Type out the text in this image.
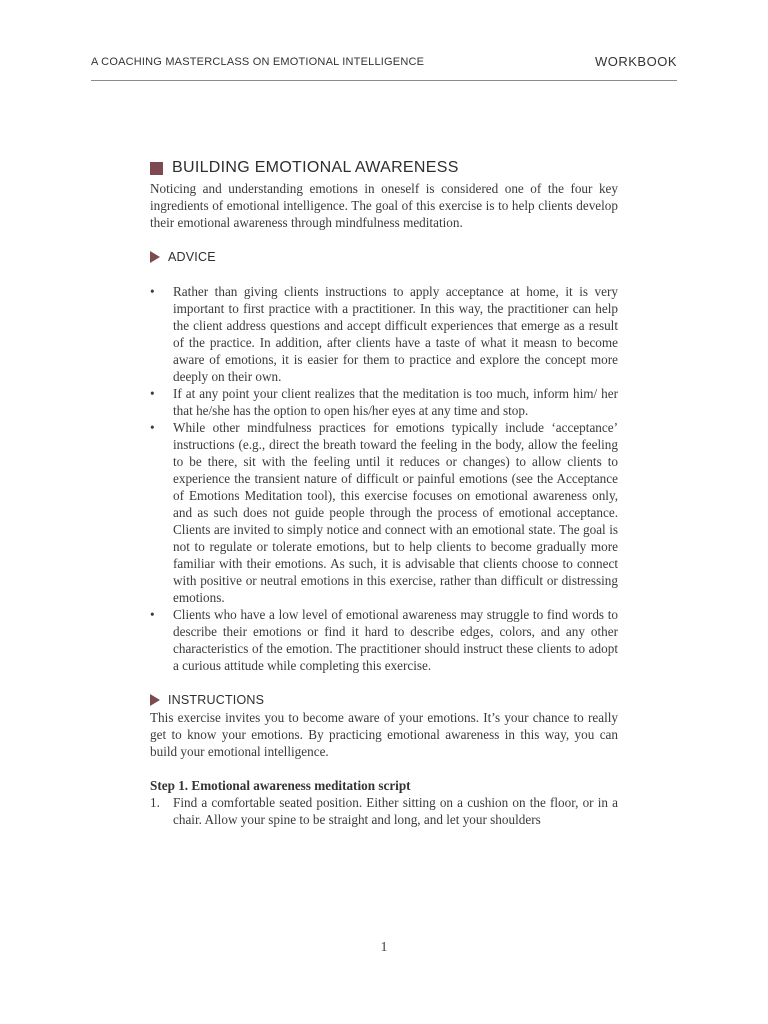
A COACHING MASTERCLASS ON EMOTIONAL INTELLIGENCE	WORKBOOK
BUILDING EMOTIONAL AWARENESS

Noticing and understanding emotions in oneself is considered one of the four key ingredients of emotional intelligence. The goal of this exercise is to help clients develop their emotional awareness through mindfulness meditation.

ADVICE
• Rather than giving clients instructions to apply acceptance at home, it is very important to first practice with a practitioner. In this way, the practitioner can help the client address questions and accept difficult experiences that emerge as a result of the practice. In addition, after clients have a taste of what it measn to become aware of emotions, it is easier for them to practice and explore the concept more deeply on their own.
• If at any point your client realizes that the meditation is too much, inform him/ her that he/she has the option to open his/her eyes at any time and stop.
• While other mindfulness practices for emotions typically include ‘acceptance’ instructions (e.g., direct the breath toward the feeling in the body, allow the feeling to be there, sit with the feeling until it reduces or changes) to allow clients to experience the transient nature of difficult or painful emotions (see the Acceptance of Emotions Meditation tool), this exercise focuses on emotional awareness only, and as such does not guide people through the process of emotional acceptance. Clients are invited to simply notice and connect with an emotional state. The goal is not to regulate or tolerate emotions, but to help clients to become gradually more familiar with their emotions. As such, it is advisable that clients choose to connect with positive or neutral emotions in this exercise, rather than difficult or distressing emotions.
• Clients who have a low level of emotional awareness may struggle to find words to describe their emotions or find it hard to describe edges, colors, and any other characteristics of the emotion. The practitioner should instruct these clients to adopt a curious attitude while completing this exercise.
INSTRUCTIONS

This exercise invites you to become aware of your emotions. It’s your chance to really get to know your emotions. By practicing emotional awareness in this way, you can build your emotional intelligence.

Step 1. Emotional awareness meditation script
1. Find a comfortable seated position. Either sitting on a cushion on the floor, or in a chair. Allow your spine to be straight and long, and let your shoulders
1
